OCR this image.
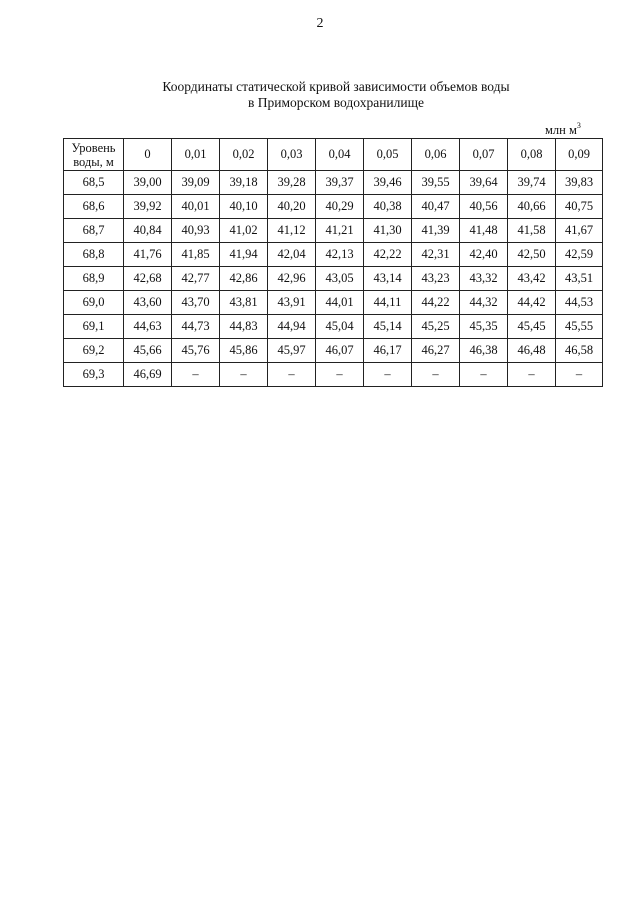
2
Координаты статической кривой зависимости объемов воды
в Приморском водохранилище
млн $м^3$
Уровень
воды, м	0	0,01	0,02	0,03	0,04	0,05	0,06	0,07	0,08	0,09
68,5	39,00	39,09	39,18	39,28	39,37	39,46	39,55	39,64	39,74	39,83
68,6	39,92	40,01	40,10	40,20	40,29	40,38	40,47	40,56	40,66	40,75
68,7	40,84	40,93	41,02	41,12	41,21	41,30	41,39	41,48	41,58	41,67
68,8	41,76	41,85	41,94	42,04	42,13	42,22	42,31	42,40	42,50	42,59
68,9	42,68	42,77	42,86	42,96	43,05	43,14	43,23	43,32	43,42	43,51
69,0	43,60	43,70	43,81	43,91	44,01	44,11	44,22	44,32	44,42	44,53
69,1	44,63	44,73	44,83	44,94	45,04	45,14	45,25	45,35	45,45	45,55
69,2	45,66	45,76	45,86	45,97	46,07	46,17	46,27	46,38	46,48	46,58
69,3	46,69	–	–	–	–	–	–	–	–	–
